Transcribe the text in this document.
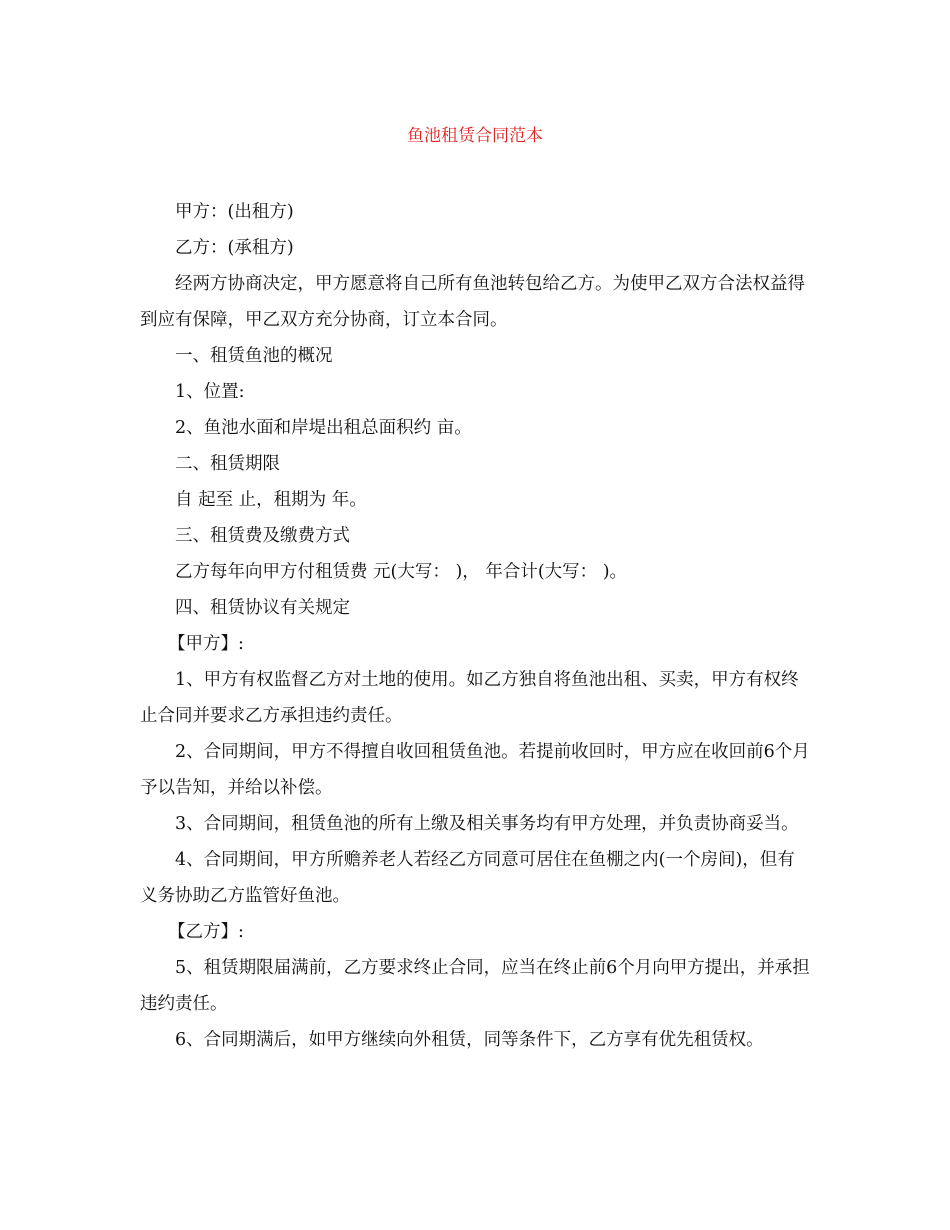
鱼池租赁合同范本

甲方：(出租方)

乙方：(承租方)

经两方协商决定，甲方愿意将自己所有鱼池转包给乙方。为使甲乙双方合法权益得到应有保障，甲乙双方充分协商，订立本合同。

一、租赁鱼池的概况

1、位置:

2、鱼池水面和岸堤出租总面积约 亩。

二、租赁期限

自 起至 止，租期为 年。

三、租赁费及缴费方式

乙方每年向甲方付租赁费 元(大写： )， 年合计(大写： )。

四、租赁协议有关规定

【甲方】:

1、甲方有权监督乙方对土地的使用。如乙方独自将鱼池出租、买卖，甲方有权终止合同并要求乙方承担违约责任。

2、合同期间，甲方不得擅自收回租赁鱼池。若提前收回时，甲方应在收回前6个月予以告知，并给以补偿。

3、合同期间，租赁鱼池的所有上缴及相关事务均有甲方处理，并负责协商妥当。

4、合同期间，甲方所赡养老人若经乙方同意可居住在鱼棚之内(一个房间)，但有义务协助乙方监管好鱼池。

【乙方】:

5、租赁期限届满前，乙方要求终止合同，应当在终止前6个月向甲方提出，并承担违约责任。

6、合同期满后，如甲方继续向外租赁，同等条件下，乙方享有优先租赁权。
